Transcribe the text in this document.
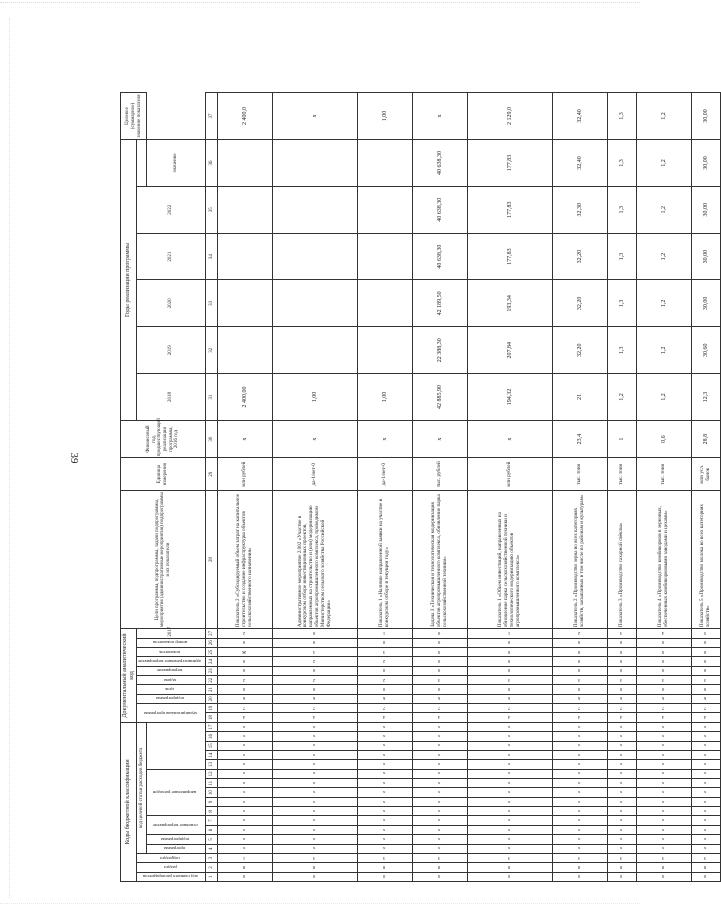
39
Коды бюджетной классификации																	Документальный аналитический код										Цели программы, подпрограммы, задачи подпрограммы, мероприятия (административные мероприятия) подпрограммы и их показатели	Единица измерения	Финансовый год, предшествующий реализации программы, 2016 год	Годы реализации программы						Целевое (суммарное) значение показателя
код главного распорядителя	раздел	подраздел	код целевой статьи расходов бюджета														муниципальная программа		подпрограмма	цель	задача	мероприятие	административное мероприятие	показатель	номер показателя	2017				2018	2019	2020	2021	2022		
			программа	подпрограмма	основное мероприятие		направление расходов																												значение	
1	2	3	4	5	6	7	8	9	10	11	12	13	14	15	16	17	18	19	20	21	22	23	24	25	26	27	28	29	30	31	32	33	34	35	36	37
0	8	1	х	х	х	х	х	х	х	х	х	х	х	х	х	х	4	7	6	0	2	0	0	Ж	0	2	Показатель 2 «Субсидируемый объем затрат на капитальное строительство и создание инфраструктуры объектов сельскохозяйственного назначения»	млн рублей	х	2 400,00						2 400,0
0	8	3	х	х	х	х	х	х	х	х	х	х	х	х	х	х	4	7	6	0	2	0	2	3	0	0	Административное мероприятие 2.002 «Участие в конкурсном отборе инвестиционных проектов, направленных на строительство и (или) модернизацию объектов агропромышленного комплекса, проводимом Министерством сельского хозяйства Российской Федерации»	да-1/нет-0	х	1,00						х
0	8	3	х	х	х	х	х	х	х	х	х	х	х	х	х	х	4	7	6	0	2	0	2	3	0	1	Показатель 1 «Наличие направленной заявки на участие в конкурсном отборе в текущем году»	да-1/нет-0	х	1,00						1,00
0	8	3	х	х	х	х	х	х	х	х	х	х	х	х	х	х	4	7	6	0	3	0	0	0	0	0	Задача 3 «Техническая и технологическая модернизация объектов агропромышленного комплекса, обновление парка сельскохозяйственной техники»	тыс. рублей	х	42 885,90	22 388,30	42 189,50	40 638,30	40 638,30	40 638,30	х
0	8	3	х	х	х	х	х	х	х	х	х	х	х	х	х	х	4	7	6	0	3	0	0	0	0	1	Показатель 1 «Объем инвестиций, направленных на обновление парка сельскохозяйственной техники и технологического модернизацию объектов агропромышленного комплекса»	млн рублей	х	194,32	207,84	193,34	177,83	177,83	177,83	2 129,0
0	8	3	х	х	х	х	х	х	х	х	х	х	х	х	х	х	4	7	6	0	3	0	0	0	0	2	Показатель 2 «Производство зерна во всех категориях хозяйств, засыпанных в том числе по районам и культурам»	тыс. тонн	23,4	21	32,20	32,20	32,20	32,30	32,40	32,40
0	8	3	х	х	х	х	х	х	х	х	х	х	х	х	х	х	4	7	6	0	3	0	0	0	0	3	Показатель 3 «Производство сахарной свёклы»	тыс. тонн	1	1,2	1,3	1,3	1,3	1,3	1,3	1,3
0	8	3	х	х	х	х	х	х	х	х	х	х	х	х	х	х	4	7	6	0	3	0	0	0	0	4	Показатель 4 «Производство комбикормов в зерновых, обеспеченных комбикормовыми заводами и цехами»	тыс. тонн	0,6	1,2	1,2	1,2	1,2	1,2	1,2	1,2
0	8	3	х	х	х	х	х	х	х	х	х	х	х	х	х	х	4	7	6	0	3	0	0	0	0	5	Показатель 5 «Производство молока во всех категориях хозяйств»	млн усл. банок	28,8	12,3	30,60	30,00	30,00	30,00	30,00	30,00
